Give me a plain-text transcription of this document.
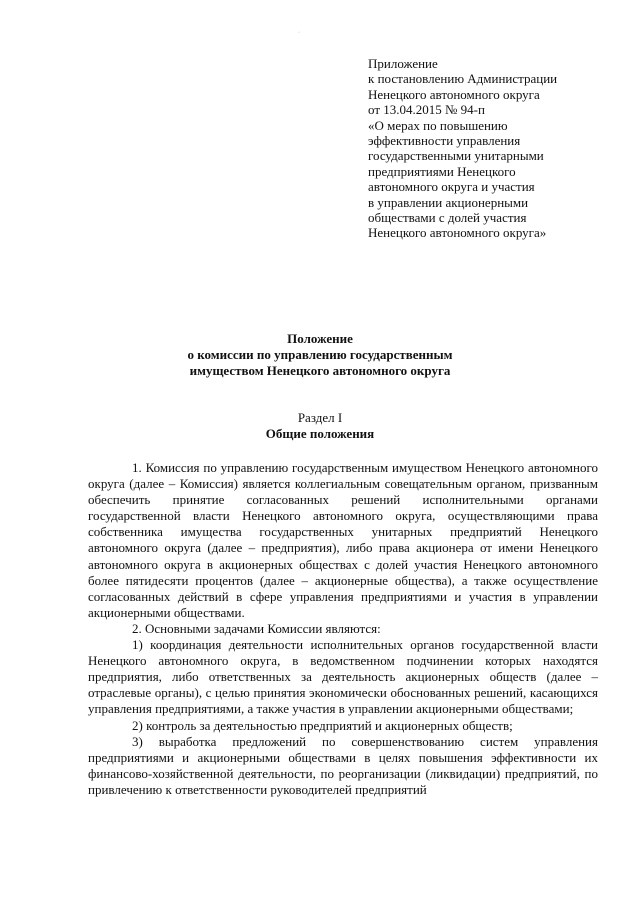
·
Приложение
к постановлению Администрации
Ненецкого автономного округа
от 13.04.2015 № 94-п
«О мерах по повышению
эффективности управления
государственными унитарными
предприятиями Ненецкого
автономного округа и участия
в управлении акционерными
обществами с долей участия
Ненецкого автономного округа»
Положение
о комиссии по управлению государственным
имуществом Ненецкого автономного округа
Раздел I
Общие положения

1. Комиссия по управлению государственным имуществом Ненецкого автономного округа (далее – Комиссия) является коллегиальным совещательным органом, призванным обеспечить принятие согласованных решений исполнительными органами государственной власти Ненецкого автономного округа, осуществляющими права собственника имущества государственных унитарных предприятий Ненецкого автономного округа (далее – предприятия), либо права акционера от имени Ненецкого автономного округа в акционерных обществах с долей участия Ненецкого автономного более пятидесяти процентов (далее – акционерные общества), а также осуществление согласованных действий в сфере управления предприятиями и участия в управлении акционерными обществами.

2. Основными задачами Комиссии являются:

1) координация деятельности исполнительных органов государственной власти Ненецкого автономного округа, в ведомственном подчинении которых находятся предприятия, либо ответственных за деятельность акционерных обществ (далее – отраслевые органы), с целью принятия экономически обоснованных решений, касающихся управления предприятиями, а также участия в управлении акционерными обществами;

2) контроль за деятельностью предприятий и акционерных обществ;

3) выработка предложений по совершенствованию систем управления предприятиями и акционерными обществами в целях повышения эффективности их финансово-хозяйственной деятельности, по реорганизации (ликвидации) предприятий, по привлечению к ответственности руководителей предприятий
